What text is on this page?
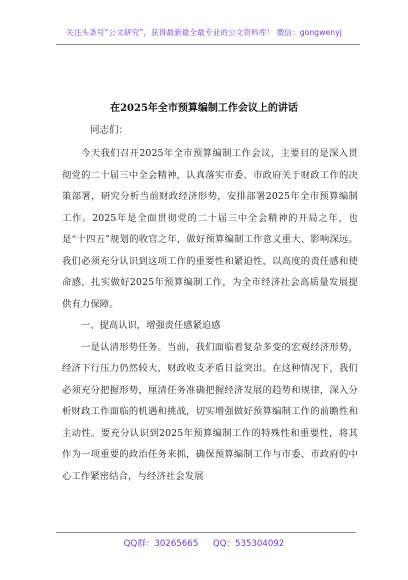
关注头条号“公文研究”，获得最新最全最专业的公文资料库！ 微信：gongwenyj
在2025年全市预算编制工作会议上的讲话

同志们：

今天我们召开2025年全市预算编制工作会议，主要目的是深入贯彻党的二十届三中全会精神，认真落实市委、市政府关于财政工作的决策部署，研究分析当前财政经济形势，安排部署2025年全市预算编制工作。2025年是全面贯彻党的二十届三中全会精神的开局之年，也是“十四五”规划的收官之年，做好预算编制工作意义重大、影响深远。我们必须充分认识到这项工作的重要性和紧迫性，以高度的责任感和使命感，扎实做好2025年预算编制工作，为全市经济社会高质量发展提供有力保障。

一、提高认识，增强责任感紧迫感

一是认清形势任务。当前，我们面临着复杂多变的宏观经济形势，经济下行压力仍然较大，财政收支矛盾日益突出。在这种情况下，我们必须充分把握形势，厘清任务准确把握经济发展的趋势和规律，深入分析财政工作面临的机遇和挑战，切实增强做好预算编制工作的前瞻性和主动性。要充分认识到2025年预算编制工作的特殊性和重要性，将其作为一项重要的政治任务来抓，确保预算编制工作与市委、市政府的中心工作紧密结合，与经济社会发展

QQ群：30265665 QQ：535304092
